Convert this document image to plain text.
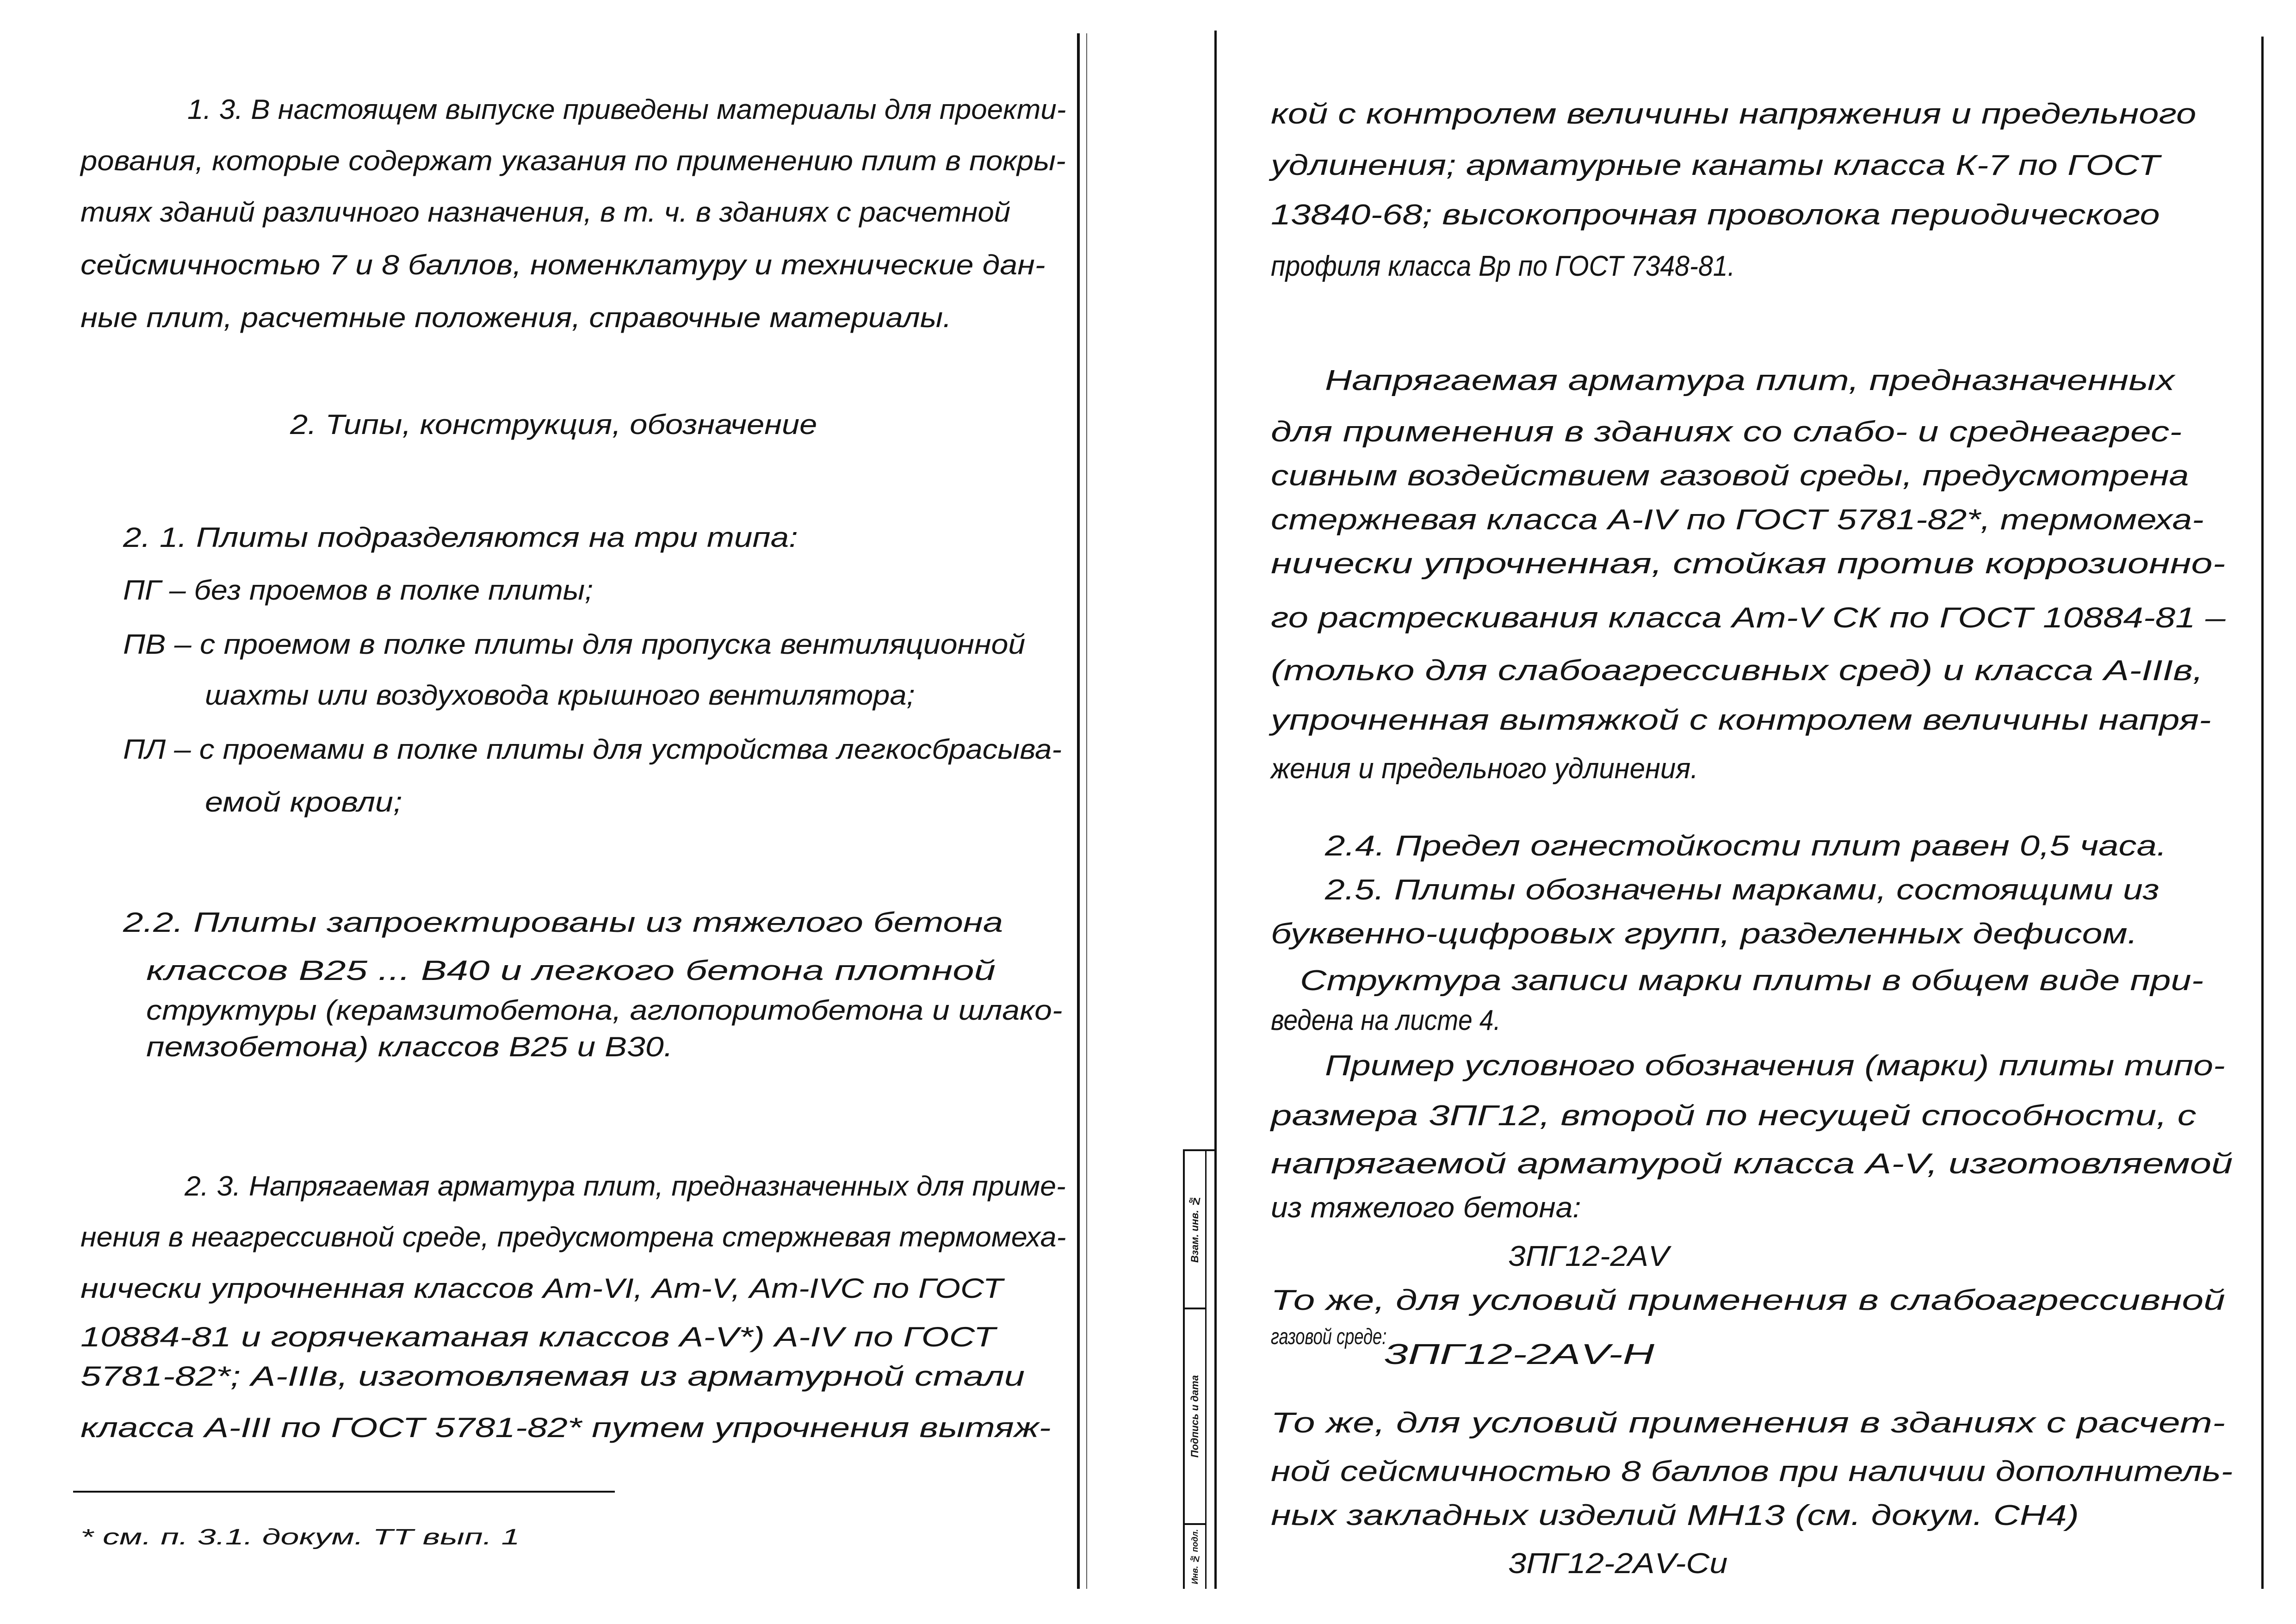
1. 3. В настоящем выпуске приведены материалы для проекти-
рования, которые содержат указания по применению плит в покры-
тиях зданий различного назначения, в т. ч. в зданиях с расчетной
сейсмичностью 7 и 8 баллов, номенклатуру и технические дан-
ные плит, расчетные положения, справочные материалы.
2. Типы, конструкция, обозначение
2. 1. Плиты подразделяются на три типа:
ПГ – без проемов в полке плиты;
ПВ – с проемом в полке плиты для пропуска вентиляционной
шахты или воздуховода крышного вентилятора;
ПЛ – с проемами в полке плиты для устройства легкосбрасыва-
емой кровли;
2.2. Плиты запроектированы из тяжелого бетона
классов В25 ... В40 и легкого бетона плотной
структуры (керамзитобетона, аглопоритобетона и шлако-
пемзобетона) классов В25 и В30.
2. 3. Напрягаемая арматура плит, предназначенных для приме-
нения в неагрессивной среде, предусмотрена стержневая термомеха-
нически упрочненная классов Ат-VI, Ат-V, Ат-IVС по ГОСТ
10884-81 и горячекатаная классов А-V*) А-IV по ГОСТ
5781-82*; А-IIIв, изготовляемая из арматурной стали
класса А-III по ГОСТ 5781-82* путем упрочнения вытяж-
* см. п. 3.1. докум. ТТ вып. 1
Взам. инв. №
Подпись и дата
Инв. № подл.
кой с контролем величины напряжения и предельного
удлинения; арматурные канаты класса К-7 по ГОСТ
13840-68; высокопрочная проволока периодического
профиля класса Вр по ГОСТ 7348-81.
Напрягаемая арматура плит, предназначенных
для применения в зданиях со слабо- и среднеагрес-
сивным воздействием газовой среды, предусмотрена
стержневая класса А-IV по ГОСТ 5781-82*, термомеха-
нически упрочненная, стойкая против коррозионно-
го растрескивания класса Ат-V СК по ГОСТ 10884-81 –
(только для слабоагрессивных сред) и класса А-IIIв,
упрочненная вытяжкой с контролем величины напря-
жения и предельного удлинения.
2.4. Предел огнестойкости плит равен 0,5 часа.
2.5. Плиты обозначены марками, состоящими из
буквенно-цифровых групп, разделенных дефисом.
Структура записи марки плиты в общем виде при-
ведена на листе 4.
Пример условного обозначения (марки) плиты типо-
размера 3ПГ12, второй по несущей способности, с
напрягаемой арматурой класса А-V, изготовляемой
из тяжелого бетона:
3ПГ12-2АV
То же, для условий применения в слабоагрессивной
газовой среде:
3ПГ12-2АV-Н
То же, для условий применения в зданиях с расчет-
ной сейсмичностью 8 баллов при наличии дополнитель-
ных закладных изделий МН13 (см. докум. СН4)
3ПГ12-2АV-Си
